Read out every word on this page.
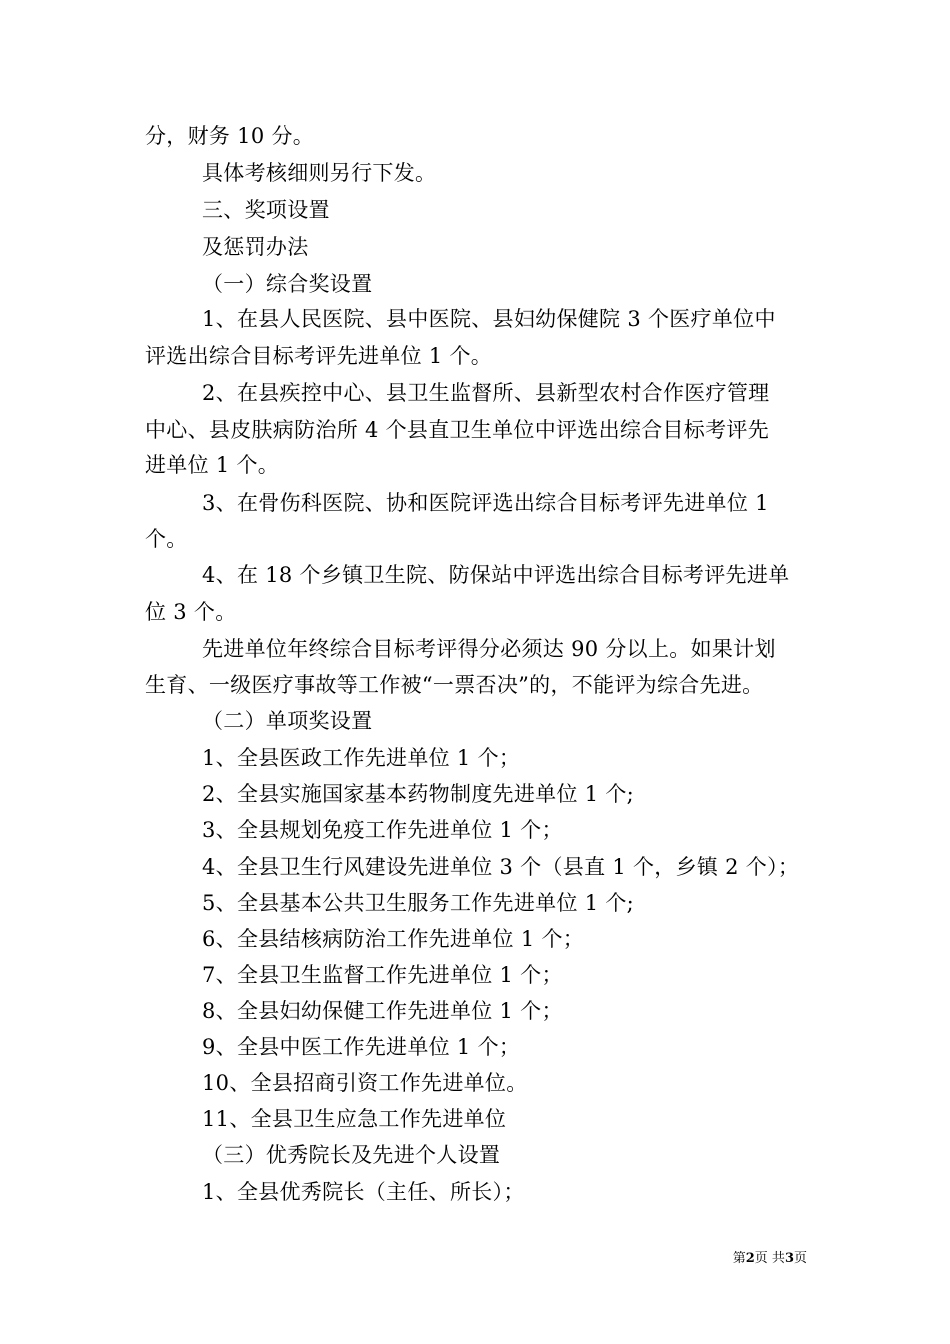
分，财务 10 分。
具体考核细则另行下发。
三、奖项设置
及惩罚办法
（一）综合奖设置
1、在县人民医院、县中医院、县妇幼保健院 3 个医疗单位中
评选出综合目标考评先进单位 1 个。
2、在县疾控中心、县卫生监督所、县新型农村合作医疗管理
中心、县皮肤病防治所 4 个县直卫生单位中评选出综合目标考评先
进单位 1 个。
3、在骨伤科医院、协和医院评选出综合目标考评先进单位 1
个。
4、在 18 个乡镇卫生院、防保站中评选出综合目标考评先进单
位 3 个。
先进单位年终综合目标考评得分必须达 90 分以上。如果计划
生育、一级医疗事故等工作被“一票否决”的，不能评为综合先进。
（二）单项奖设置
1、全县医政工作先进单位 1 个；
2、全县实施国家基本药物制度先进单位 1 个;
3、全县规划免疫工作先进单位 1 个；
4、全县卫生行风建设先进单位 3 个（县直 1 个，乡镇 2 个）；
5、全县基本公共卫生服务工作先进单位 1 个;
6、全县结核病防治工作先进单位 1 个；
7、全县卫生监督工作先进单位 1 个；
8、全县妇幼保健工作先进单位 1 个；
9、全县中医工作先进单位 1 个；
10、全县招商引资工作先进单位。
11、全县卫生应急工作先进单位
（三）优秀院长及先进个人设置
1、全县优秀院长（主任、所长）；
第2页 共3页
